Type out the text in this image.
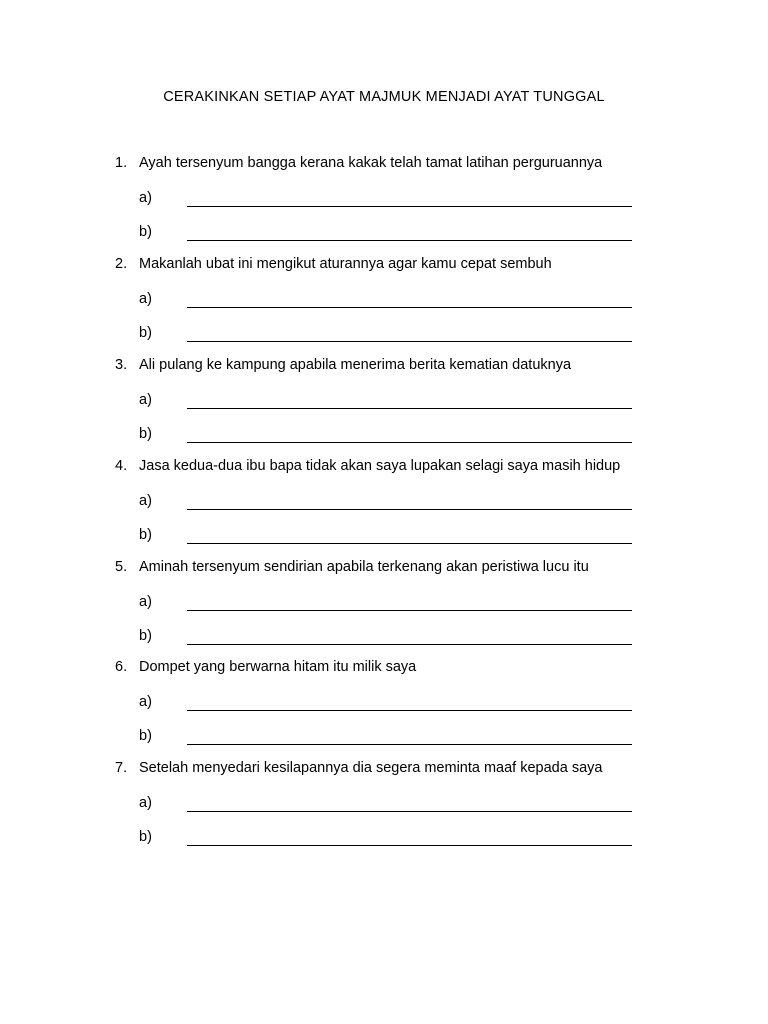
CERAKINKAN SETIAP AYAT MAJMUK MENJADI AYAT TUNGGAL
1. Ayah tersenyum bangga kerana kakak telah tamat latihan perguruannya
a)
b)
2. Makanlah ubat ini mengikut aturannya agar kamu cepat sembuh
a)
b)
3. Ali pulang ke kampung apabila menerima berita kematian datuknya
a)
b)
4. Jasa kedua-dua ibu bapa tidak akan saya lupakan selagi saya masih hidup
a)
b)
5. Aminah tersenyum sendirian apabila terkenang akan peristiwa lucu itu
a)
b)
6. Dompet yang berwarna hitam itu milik saya
a)
b)
7. Setelah menyedari kesilapannya dia segera meminta maaf kepada saya
a)
b)
